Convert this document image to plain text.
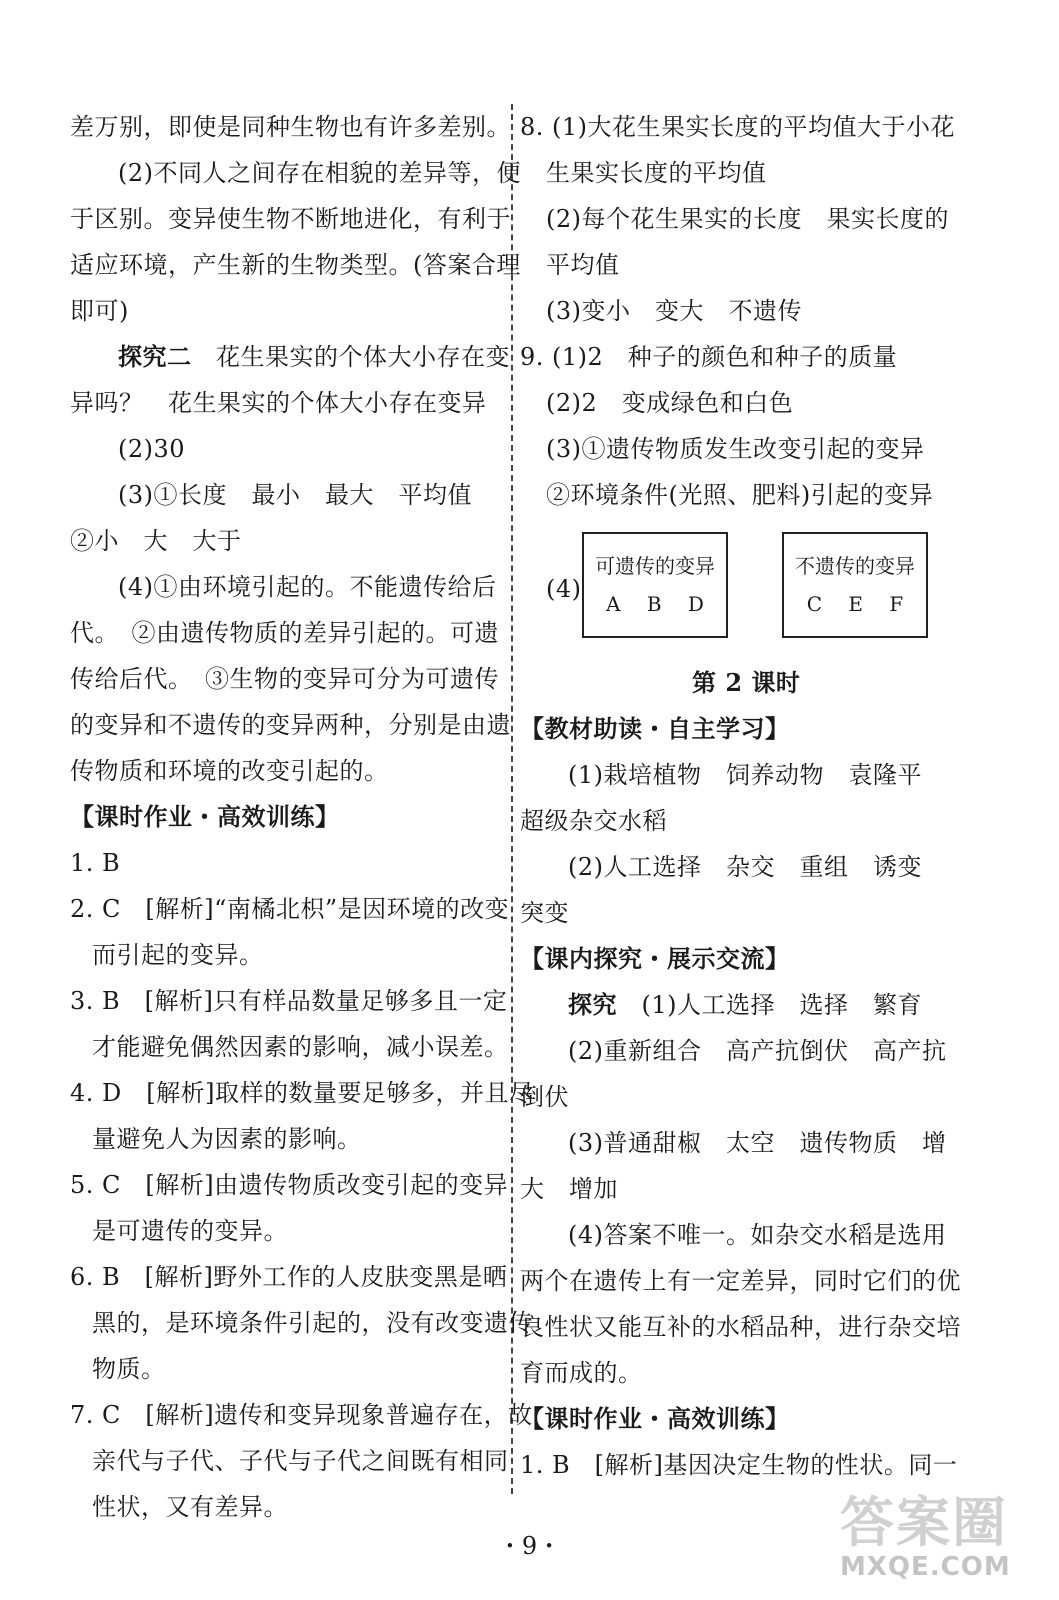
差万别，即使是同种生物也有许多差别。
(2)不同人之间存在相貌的差异等，便
于区别。变异使生物不断地进化，有利于
适应环境，产生新的生物类型。(答案合理
即可)
探究二　花生果实的个体大小存在变
异吗？　花生果实的个体大小存在变异
(2)30
(3)①长度　最小　最大　平均值
②小　大　大于
(4)①由环境引起的。不能遗传给后
代。　②由遗传物质的差异引起的。可遗
传给后代。　③生物的变异可分为可遗传
的变异和不遗传的变异两种，分别是由遗
传物质和环境的改变引起的。
【课时作业・高效训练】
1. B
2. C　[解析]“南橘北枳”是因环境的改变
而引起的变异。
3. B　[解析]只有样品数量足够多且一定
才能避免偶然因素的影响，减小误差。
4. D　[解析]取样的数量要足够多，并且尽
量避免人为因素的影响。
5. C　[解析]由遗传物质改变引起的变异
是可遗传的变异。
6. B　[解析]野外工作的人皮肤变黑是晒
黑的，是环境条件引起的，没有改变遗传
物质。
7. C　[解析]遗传和变异现象普遍存在，故
亲代与子代、子代与子代之间既有相同
性状，又有差异。
可遗传的变异
A B D
不遗传的变异
C E F
8. (1)大花生果实长度的平均值大于小花
生果实长度的平均值
(2)每个花生果实的长度　果实长度的
平均值
(3)变小　变大　不遗传
9. (1)2　种子的颜色和种子的质量
(2)2　变成绿色和白色
(3)①遗传物质发生改变引起的变异
②环境条件(光照、肥料)引起的变异
(4)
第 2 课时
【教材助读・自主学习】
(1)栽培植物　饲养动物　袁隆平
超级杂交水稻
(2)人工选择　杂交　重组　诱变
突变
【课内探究・展示交流】
探究　(1)人工选择　选择　繁育
(2)重新组合　高产抗倒伏　高产抗
倒伏
(3)普通甜椒　太空　遗传物质　增
大　增加
(4)答案不唯一。如杂交水稻是选用
两个在遗传上有一定差异，同时它们的优
良性状又能互补的水稻品种，进行杂交培
育而成的。
【课时作业・高效训练】
1. B　[解析]基因决定生物的性状。同一
・9・	答案圈
MXQE.COM
